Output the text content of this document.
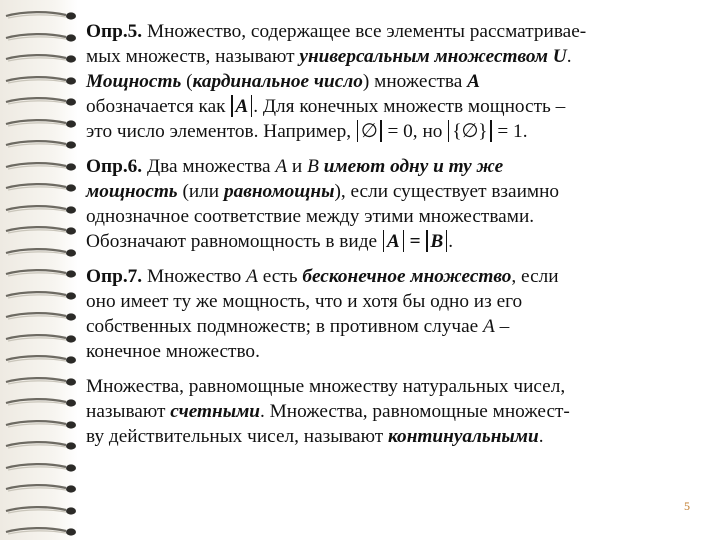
Опр.5. Множество, содержащее все элементы рассматривае-
мых множеств, называют универсальным множеством U.
Мощность (кардинальное число) множества A
обозначается как A . Для конечных множеств мощность –
это число элементов. Например, ∅ = 0, но {∅} = 1.
Опр.6. Два множества A и B имеют одну и ту же
мощность (или равномощны), если существует взаимно
однозначное соответствие между этими множествами.
Обозначают равномощность в виде A = B .
Опр.7. Множество A есть бесконечное множество, если
оно имеет ту же мощность, что и хотя бы одно из его
собственных подмножеств; в противном случае A –
конечное множество.
Множества, равномощные множеству натуральных чисел,
называют счетными. Множества, равномощные множест-
ву действительных чисел, называют континуальными.
5
